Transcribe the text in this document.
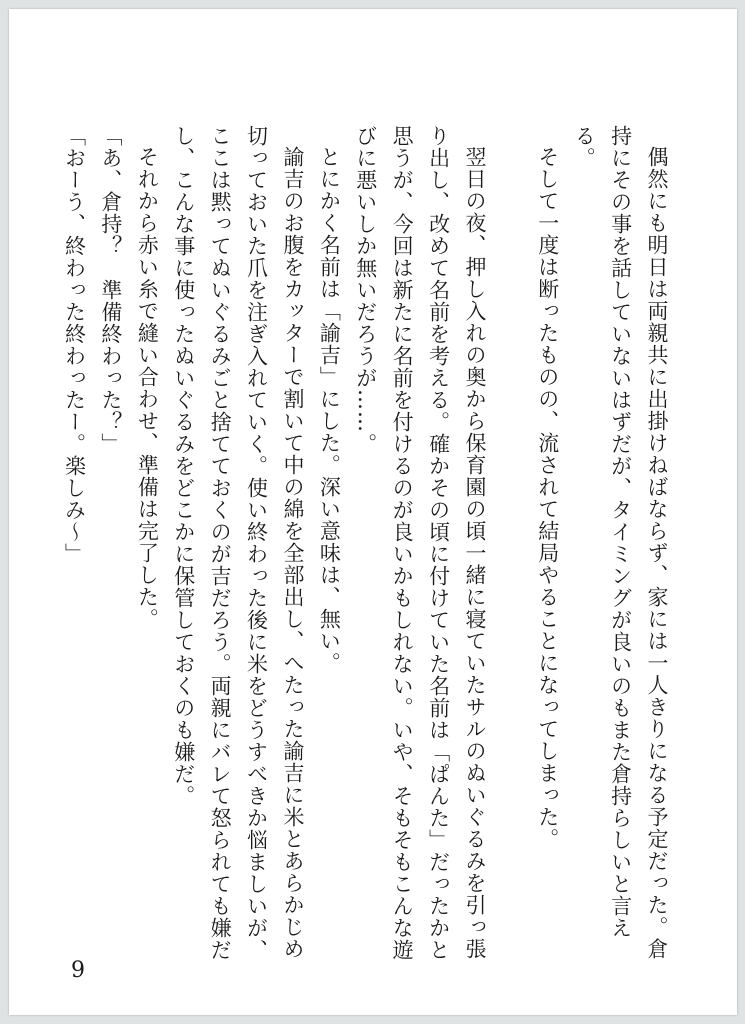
偶然にも明日は両親共に出掛けねばならず、家には一人きりになる予定だった。倉持にその事を話していないはずだが、タイミングが良いのもまた倉持らしいと言える。

そして一度は断ったものの、流されて結局やることになってしまった。

翌日の夜、押し入れの奥から保育園の頃一緒に寝ていたサルのぬいぐるみを引っ張り出し、改めて名前を考える。確かその頃に付けていた名前は「ぱんた」だったかと思うが、今回は新たに名前を付けるのが良いかもしれない。いや、そもそもこんな遊びに悪いしか無いだろうが……。

とにかく名前は「諭吉」にした。深い意味は、無い。

諭吉のお腹をカッターで割いて中の綿を全部出し、へたった諭吉に米とあらかじめ切っておいた爪を注ぎ入れていく。使い終わった後に米をどうすべきか悩ましいが、ここは黙ってぬいぐるみごと捨てておくのが吉だろう。両親にバレて怒られても嫌だし、こんな事に使ったぬいぐるみをどこかに保管しておくのも嫌だ。

それから赤い糸で縫い合わせ、準備は完了した。

「あ、倉持？　準備終わった？」

「おーう、終わった終わったー。楽しみ～」

9
